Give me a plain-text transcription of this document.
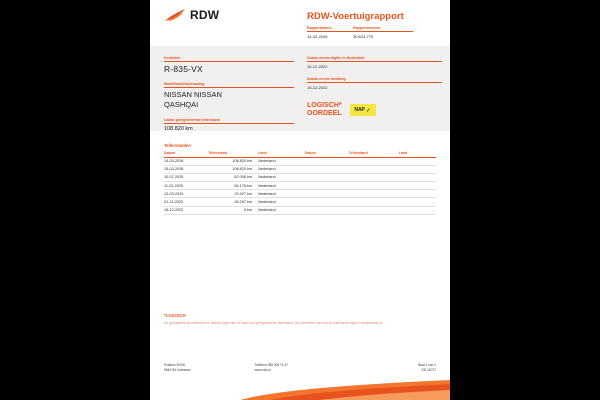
RDW	RDW-Voertuigrapport
Rapportdatum	Rapportnummer
14-03-2026	30.624.779
Kenteken
R-835-VX
Merk/Handelsbenaming
NISSAN NISSAN
QASHQAI
Laatst geregistreerde tellerstand
108.820 km
Datum eerste afgifte in Nederland
15-12-2022
Datum eerste toelating
15-12-2022
LOGISCH*
OORDEEL	NAP ✓
Tellerstanden
Datum	Tellerstand	Land		Datum	Tellerstand	Land
14-03-2026	108.820 km	Nederland				
15-03-2026	108.820 km	Nederland				
10-07-2025	82.096 km	Nederland				
11-02-2025	66.176 km	Nederland				
12-03-2024	29.327 km	Nederland				
01-11-2023	26.297 km	Nederland				
15-12-2022	6 km	Nederland				
*LOGISCH
De geregistreerde tellerstand is steeds hoger dan de daarvoor geregistreerde tellerstand. Hij vermelden dan ook de tellerstand logisch verklaarbaar is.
Postbus 30000
9640 RA Veendam
Telefoon 088 008 74 47
www.rdw.nl
Blad 1 van 2
2/E-16737
